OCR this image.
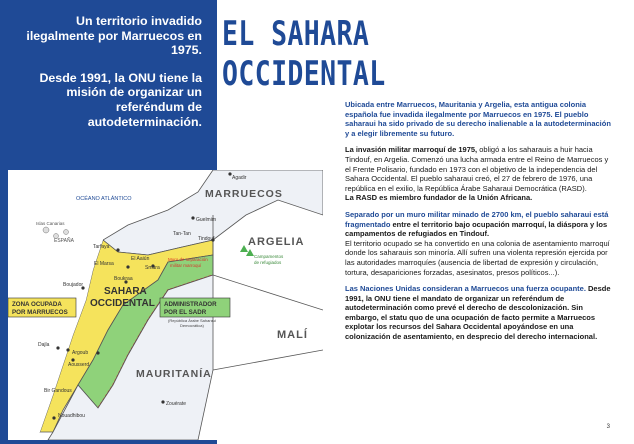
Un territorio invadido ilegalmente por Marruecos en 1975.

Desde 1991, la ONU tiene la misión de organizar un referéndum de autodeterminación.

EL SAHARA
OCCIDENTAL
MARRUECOS
ARGELIA
MALÍ
MAURITANÍA
SAHARA
OCCIDENTAL
OCÉANO ATLÁNTICO
Islas Canarias
ESPAÑA
Agadir
Guelmim
Tan-Tan
Tarfaya
Tindouf
El Aaiún
El Marsa
Smara
Boukraa
Boujador
Dajla
Argoub
Aousserd
Bir Gandous
Nouadhibou
Zouérate
Campamentos
de refugiados
Muro de separación
militar marroquí
ZONA OCUPADA
POR MARRUECOS
ADMINISTRADOR
POR EL SADR
(República Árabe Saharaui
Democrática)

Ubicada entre Marruecos, Mauritania y Argelia, esta antigua colonia española fue invadida ilegalmente por Marruecos en 1975. El pueblo saharaui ha sido privado de su derecho inalienable a la autodeterminación y a elegir libremente su futuro.

La invasión militar marroquí de 1975, obligó a los saharauis a huir hacia Tindouf, en Argelia. Comenzó una lucha armada entre el Reino de Marruecos y el Frente Polisario, fundado en 1973 con el objetivo de la independencia del Sahara Occidental. El pueblo saharaui creó, el 27 de febrero de 1976, una república en el exilio, la República Árabe Saharaui Democrática (RASD).
La RASD es miembro fundador de la Unión Africana.

Separado por un muro militar minado de 2700 km, el pueblo saharaui está fragmentado entre el territorio bajo ocupación marroquí, la diáspora y los campamentos de refugiados en Tindouf.
El territorio ocupado se ha convertido en una colonia de asentamiento marroquí donde los saharauis son minoría. Allí sufren una violenta represión ejercida por las autoridades marroquíes (ausencia de libertad de expresión y circulación, tortura, desapariciones forzadas, asesinatos, presos políticos...).

Las Naciones Unidas consideran a Marruecos una fuerza ocupante. Desde 1991, la ONU tiene el mandato de organizar un referéndum de autodeterminación como prevé el derecho de descolonización. Sin embargo, el statu quo de una ocupación de facto permite a Marruecos explotar los recursos del Sahara Occidental apoyándose en una colonización de asentamiento, en desprecio del derecho internacional.

3
